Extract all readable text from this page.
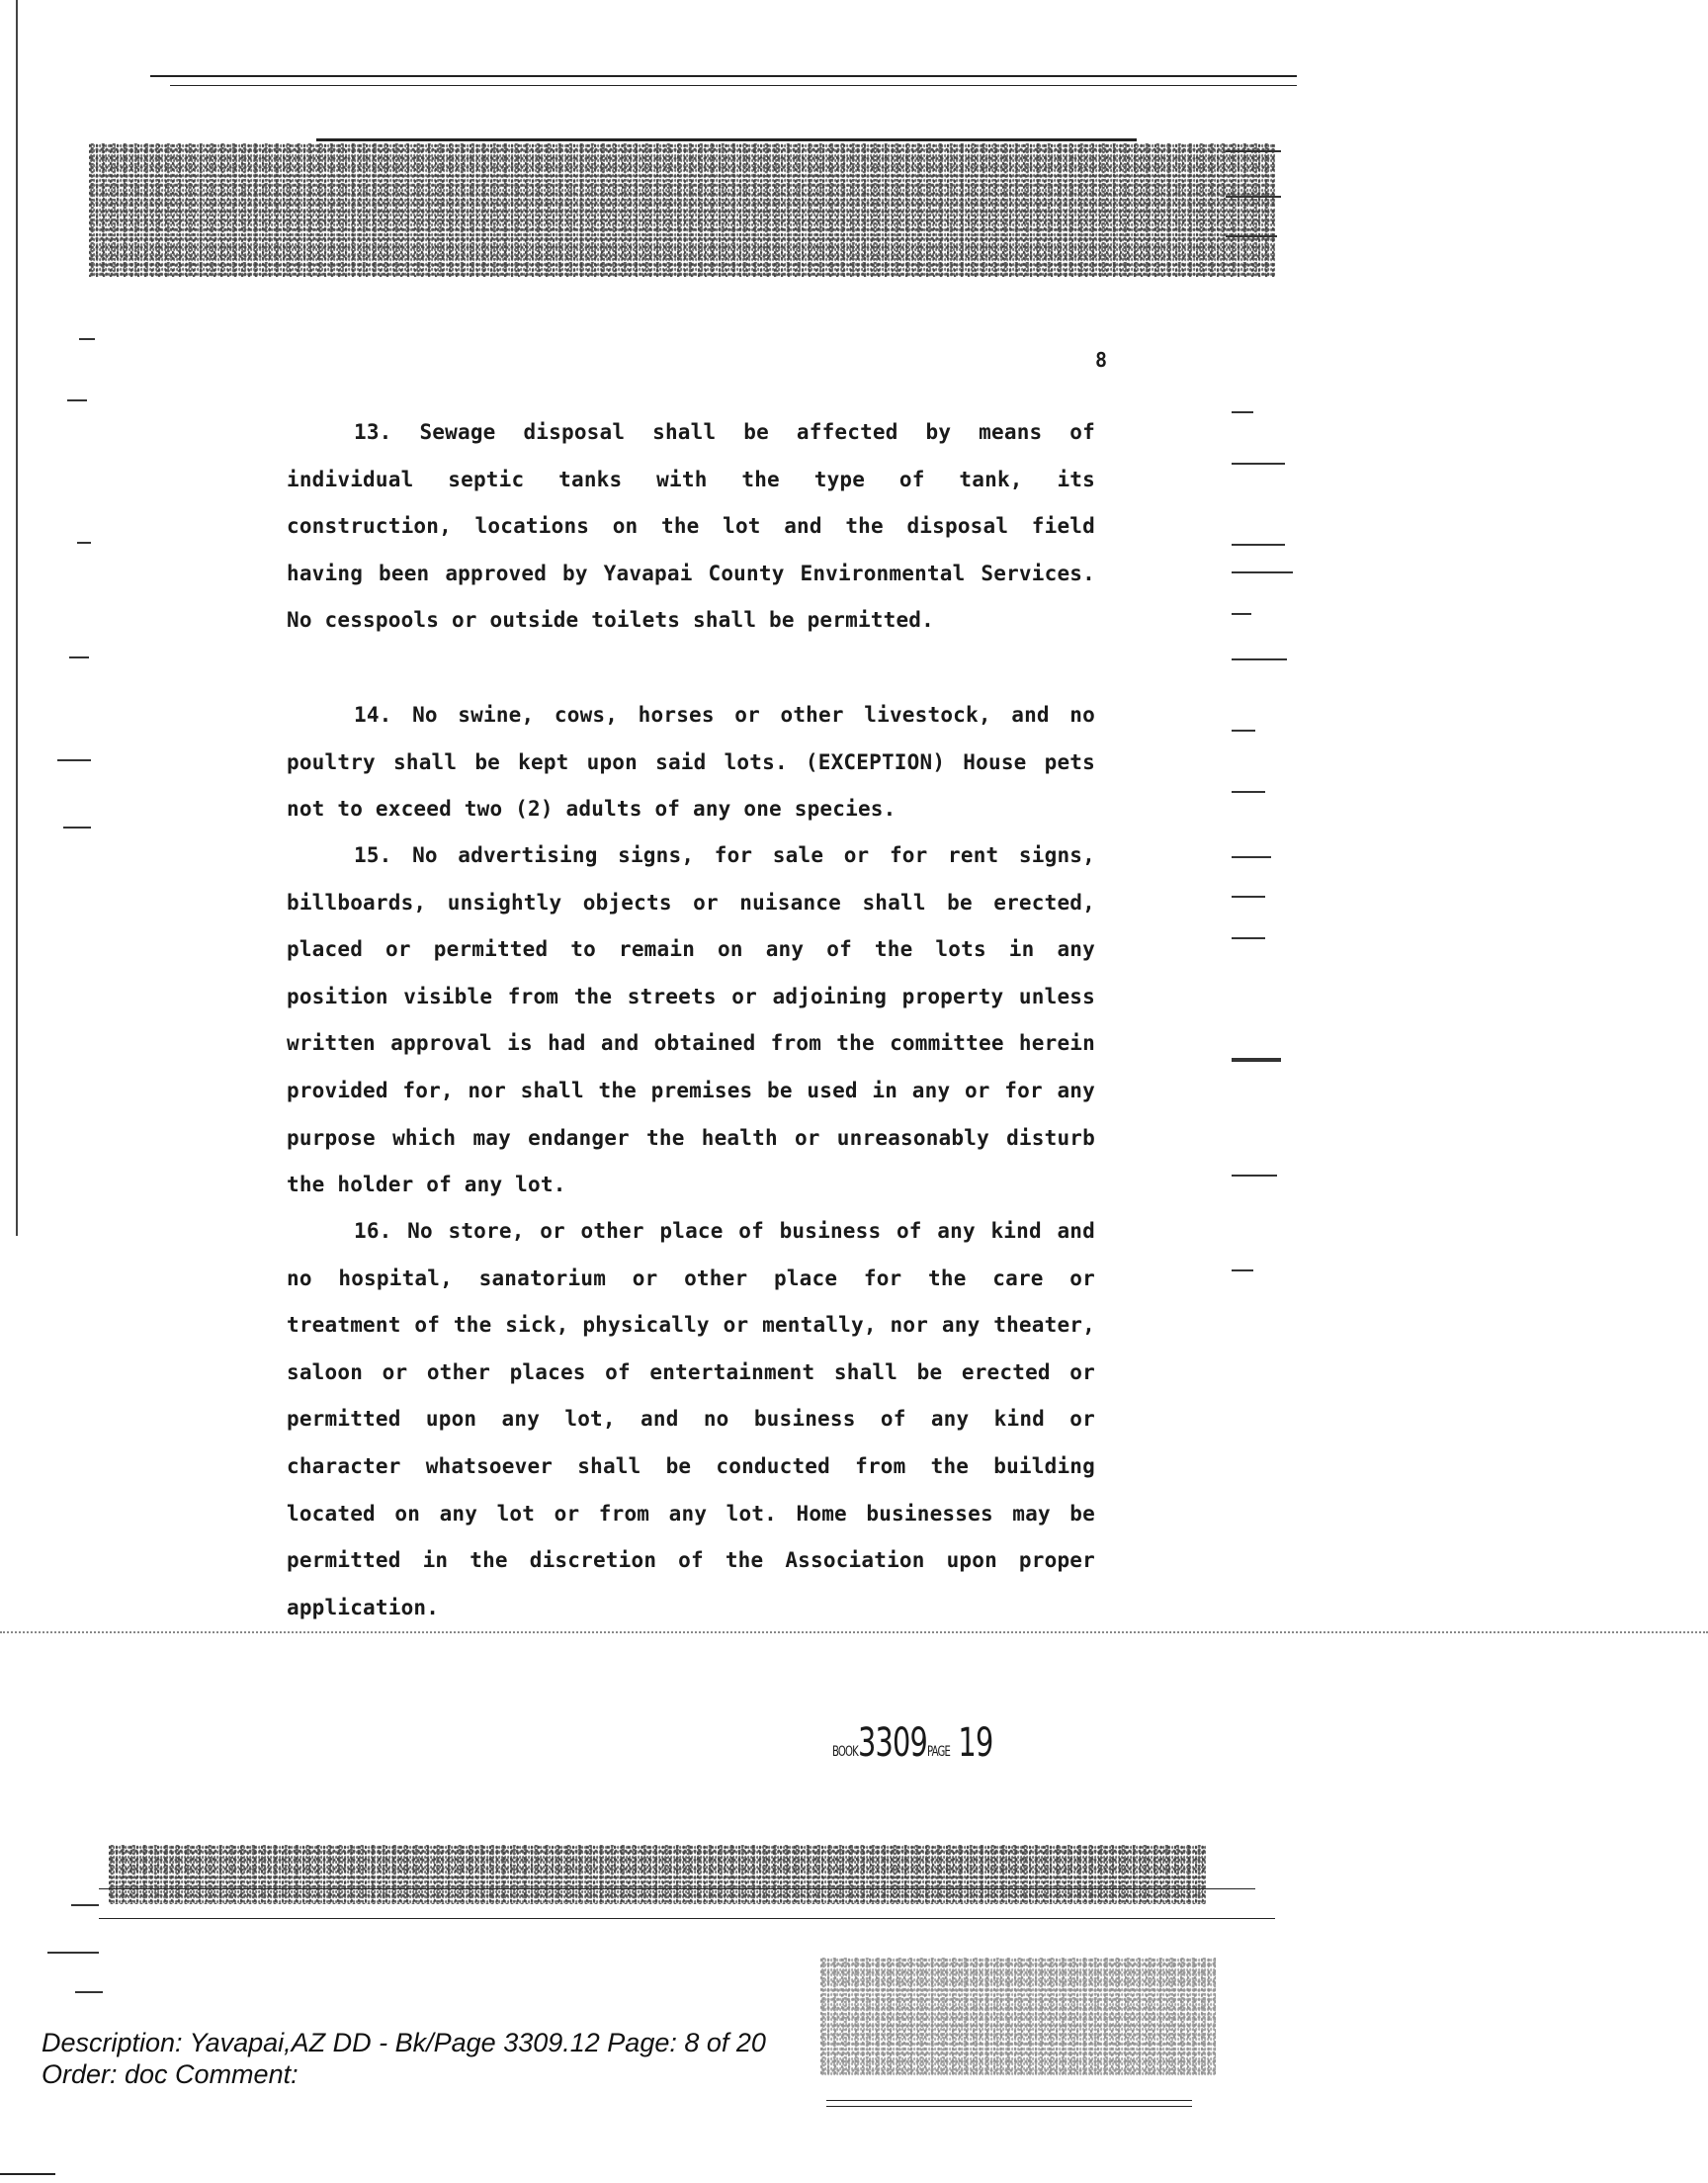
8

13. Sewage disposal shall be affected by means of individual septic tanks with the type of tank, its construction, locations on the lot and the disposal field having been approved by Yavapai County Environmental Services. No cesspools or outside toilets shall be permitted.

14. No swine, cows, horses or other livestock, and no poultry shall be kept upon said lots. (EXCEPTION) House pets not to exceed two (2) adults of any one species.

15. No advertising signs, for sale or for rent signs, billboards, unsightly objects or nuisance shall be erected, placed or permitted to remain on any of the lots in any position visible from the streets or adjoining property unless written approval is had and obtained from the committee herein provided for, nor shall the premises be used in any or for any purpose which may endanger the health or unreasonably disturb the holder of any lot.

16. No store, or other place of business of any kind and no hospital, sanatorium or other place for the care or treatment of the sick, physically or mentally, nor any theater, saloon or other places of entertainment shall be erected or permitted upon any lot, and no business of any kind or character whatsoever shall be conducted from the building located on any lot or from any lot. Home businesses may be permitted in the discretion of the Association upon proper application.

BOOK3309PAGE 19
Description: Yavapai,AZ DD - Bk/Page 3309.12 Page: 8 of 20
Order: doc Comment:
